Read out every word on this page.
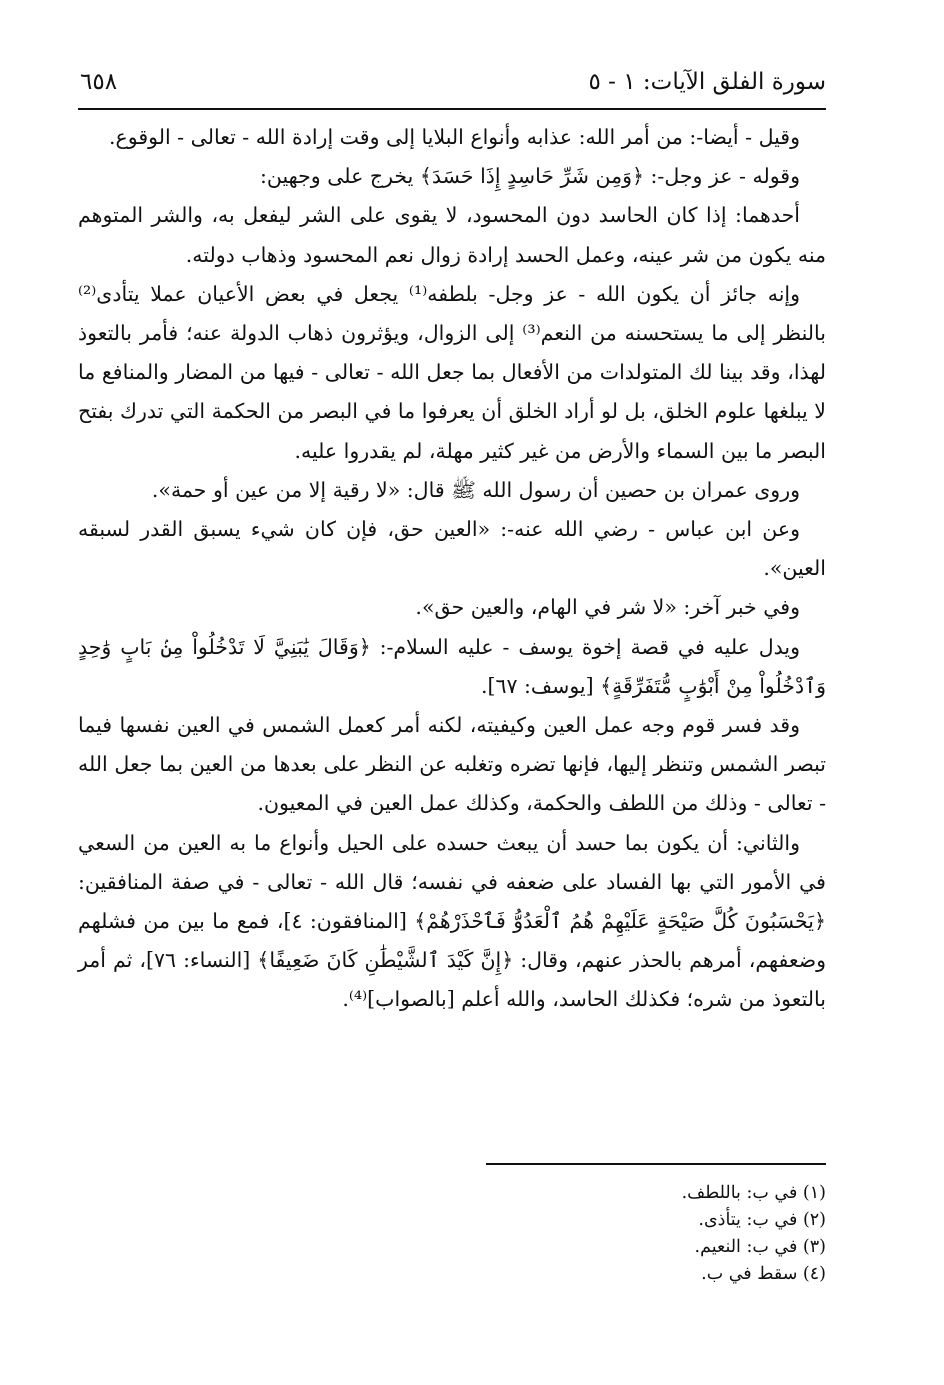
سورة الفلق الآيات: ١ - ٥
٦٥٨

وقيل - أيضا-: من أمر الله: عذابه وأنواع البلايا إلى وقت إرادة الله - تعالى - الوقوع.

وقوله - عز وجل-: ﴿وَمِن شَرِّ حَاسِدٍ إِذَا حَسَدَ﴾ يخرج على وجهين:

أحدهما: إذا كان الحاسد دون المحسود، لا يقوى على الشر ليفعل به، والشر المتوهم منه يكون من شر عينه، وعمل الحسد إرادة زوال نعم المحسود وذهاب دولته.

وإنه جائز أن يكون الله - عز وجل- بلطفه⁽¹⁾ يجعل في بعض الأعيان عملا يتأدى⁽²⁾ بالنظر إلى ما يستحسنه من النعم⁽³⁾ إلى الزوال، ويؤثرون ذهاب الدولة عنه؛ فأمر بالتعوذ لهذا، وقد بينا لك المتولدات من الأفعال بما جعل الله - تعالى - فيها من المضار والمنافع ما لا يبلغها علوم الخلق، بل لو أراد الخلق أن يعرفوا ما في البصر من الحكمة التي تدرك بفتح البصر ما بين السماء والأرض من غير كثير مهلة، لم يقدروا عليه.

وروى عمران بن حصين أن رسول الله ﷺ قال: «لا رقية إلا من عين أو حمة».

وعن ابن عباس - رضي الله عنه-: «العين حق، فإن كان شيء يسبق القدر لسبقه العين».

وفي خبر آخر: «لا شر في الهام، والعين حق».

ويدل عليه في قصة إخوة يوسف - عليه السلام-: ﴿وَقَالَ يَٰبَنِيَّ لَا تَدْخُلُواْ مِنۢ بَابٍ وَٰحِدٍ وَٱدْخُلُواْ مِنْ أَبْوَٰبٍ مُّتَفَرِّقَةٍ﴾ [يوسف: ٦٧].

وقد فسر قوم وجه عمل العين وكيفيته، لكنه أمر كعمل الشمس في العين نفسها فيما تبصر الشمس وتنظر إليها، فإنها تضره وتغلبه عن النظر على بعدها من العين بما جعل الله - تعالى - وذلك من اللطف والحكمة، وكذلك عمل العين في المعيون.

والثاني: أن يكون بما حسد أن يبعث حسده على الحيل وأنواع ما به العين من السعي في الأمور التي بها الفساد على ضعفه في نفسه؛ قال الله - تعالى - في صفة المنافقين: ﴿يَحْسَبُونَ كُلَّ صَيْحَةٍ عَلَيْهِمْ هُمُ ٱلْعَدُوُّ فَٱحْذَرْهُمْ﴾ [المنافقون: ٤]، فمع ما بين من فشلهم وضعفهم، أمرهم بالحذر عنهم، وقال: ﴿إِنَّ كَيْدَ ٱلشَّيْطَٰنِ كَانَ ضَعِيفًا﴾ [النساء: ٧٦]، ثم أمر بالتعوذ من شره؛ فكذلك الحاسد، والله أعلم [بالصواب]⁽⁴⁾.

(١) في ب: باللطف.
(٢) في ب: يتأذى.
(٣) في ب: النعيم.
(٤) سقط في ب.
